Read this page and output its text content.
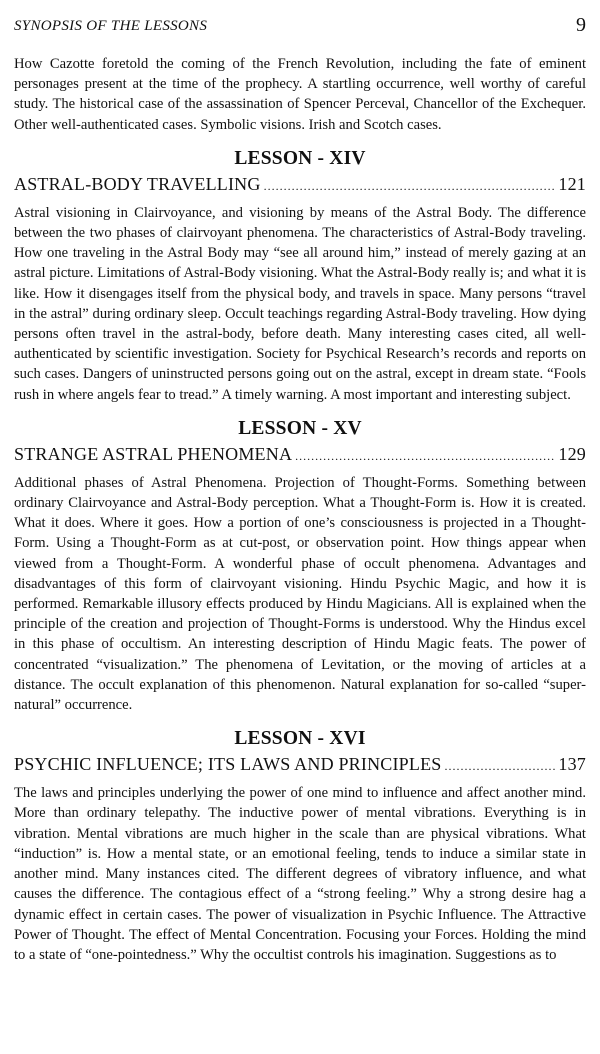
SYNOPSIS OF THE LESSONS	9

How Cazotte foretold the coming of the French Revolution, including the fate of eminent personages present at the time of the prophecy. A startling occurrence, well worthy of careful study. The historical case of the assassination of Spencer Perceval, Chancellor of the Exchequer. Other well-authenticated cases. Symbolic visions. Irish and Scotch cases.

LESSON - XIV
ASTRAL-BODY TRAVELLING .....	121

Astral visioning in Clairvoyance, and visioning by means of the Astral Body. The difference between the two phases of clairvoyant phenomena. The characteristics of Astral-Body traveling. How one traveling in the Astral Body may “see all around him,” instead of merely gazing at an astral picture. Limitations of Astral-Body visioning. What the Astral-Body really is; and what it is like. How it disengages itself from the physical body, and travels in space. Many persons “travel in the astral” during ordinary sleep. Occult teachings regarding Astral-Body traveling. How dying persons often travel in the astral-body, before death. Many interesting cases cited, all well-authenticated by scientific investigation. Society for Psychical Research’s records and reports on such cases. Dangers of uninstructed persons going out on the astral, except in dream state. “Fools rush in where angels fear to tread.” A timely warning. A most important and interesting subject.

LESSON - XV
STRANGE ASTRAL PHENOMENA .....	129

Additional phases of Astral Phenomena. Projection of Thought-Forms. Something between ordinary Clairvoyance and Astral-Body perception. What a Thought-Form is. How it is created. What it does. Where it goes. How a portion of one’s consciousness is projected in a Thought-Form. Using a Thought-Form as at cut-post, or observation point. How things appear when viewed from a Thought-Form. A wonderful phase of occult phenomena. Advantages and disadvantages of this form of clairvoyant visioning. Hindu Psychic Magic, and how it is performed. Remarkable illusory effects produced by Hindu Magicians. All is explained when the principle of the creation and projection of Thought-Forms is understood. Why the Hindus excel in this phase of occultism. An interesting description of Hindu Magic feats. The power of concentrated “visualization.” The phenomena of Levitation, or the moving of articles at a distance. The occult explanation of this phenomenon. Natural explanation for so-called “super-natural” occurrence.

LESSON - XVI
PSYCHIC INFLUENCE; ITS LAWS AND PRINCIPLES .....	137

The laws and principles underlying the power of one mind to influence and affect another mind. More than ordinary telepathy. The inductive power of mental vibrations. Everything is in vibration. Mental vibrations are much higher in the scale than are physical vibrations. What “induction” is. How a mental state, or an emotional feeling, tends to induce a similar state in another mind. Many instances cited. The different degrees of vibratory influence, and what causes the difference. The contagious effect of a “strong feeling.” Why a strong desire hag a dynamic effect in certain cases. The power of visualization in Psychic Influence. The Attractive Power of Thought. The effect of Mental Concentration. Focusing your Forces. Holding the mind to a state of “one-pointedness.” Why the occultist controls his imagination. Suggestions as to
